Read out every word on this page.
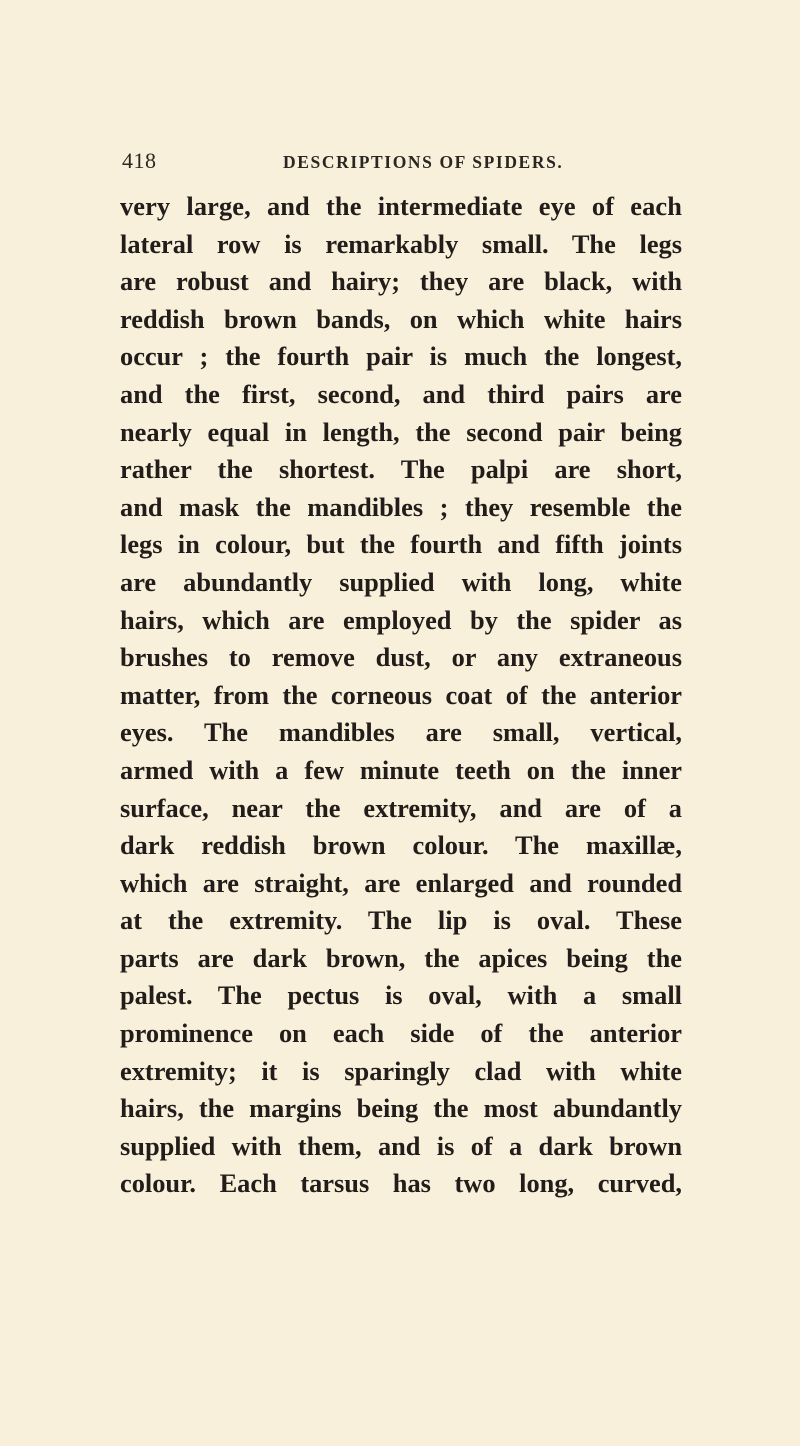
418	DESCRIPTIONS OF SPIDERS.
very large, and the intermediate eye of each
lateral row is remarkably small. The legs
are robust and hairy; they are black, with
reddish brown bands, on which white hairs
occur ; the fourth pair is much the longest,
and the first, second, and third pairs are
nearly equal in length, the second pair being
rather the shortest. The palpi are short,
and mask the mandibles ; they resemble the
legs in colour, but the fourth and fifth joints
are abundantly supplied with long, white
hairs, which are employed by the spider as
brushes to remove dust, or any extraneous
matter, from the corneous coat of the anterior
eyes. The mandibles are small, vertical,
armed with a few minute teeth on the inner
surface, near the extremity, and are of a
dark reddish brown colour. The maxillæ,
which are straight, are enlarged and rounded
at the extremity. The lip is oval. These
parts are dark brown, the apices being the
palest. The pectus is oval, with a small
prominence on each side of the anterior
extremity; it is sparingly clad with white
hairs, the margins being the most abundantly
supplied with them, and is of a dark brown
colour. Each tarsus has two long, curved,
